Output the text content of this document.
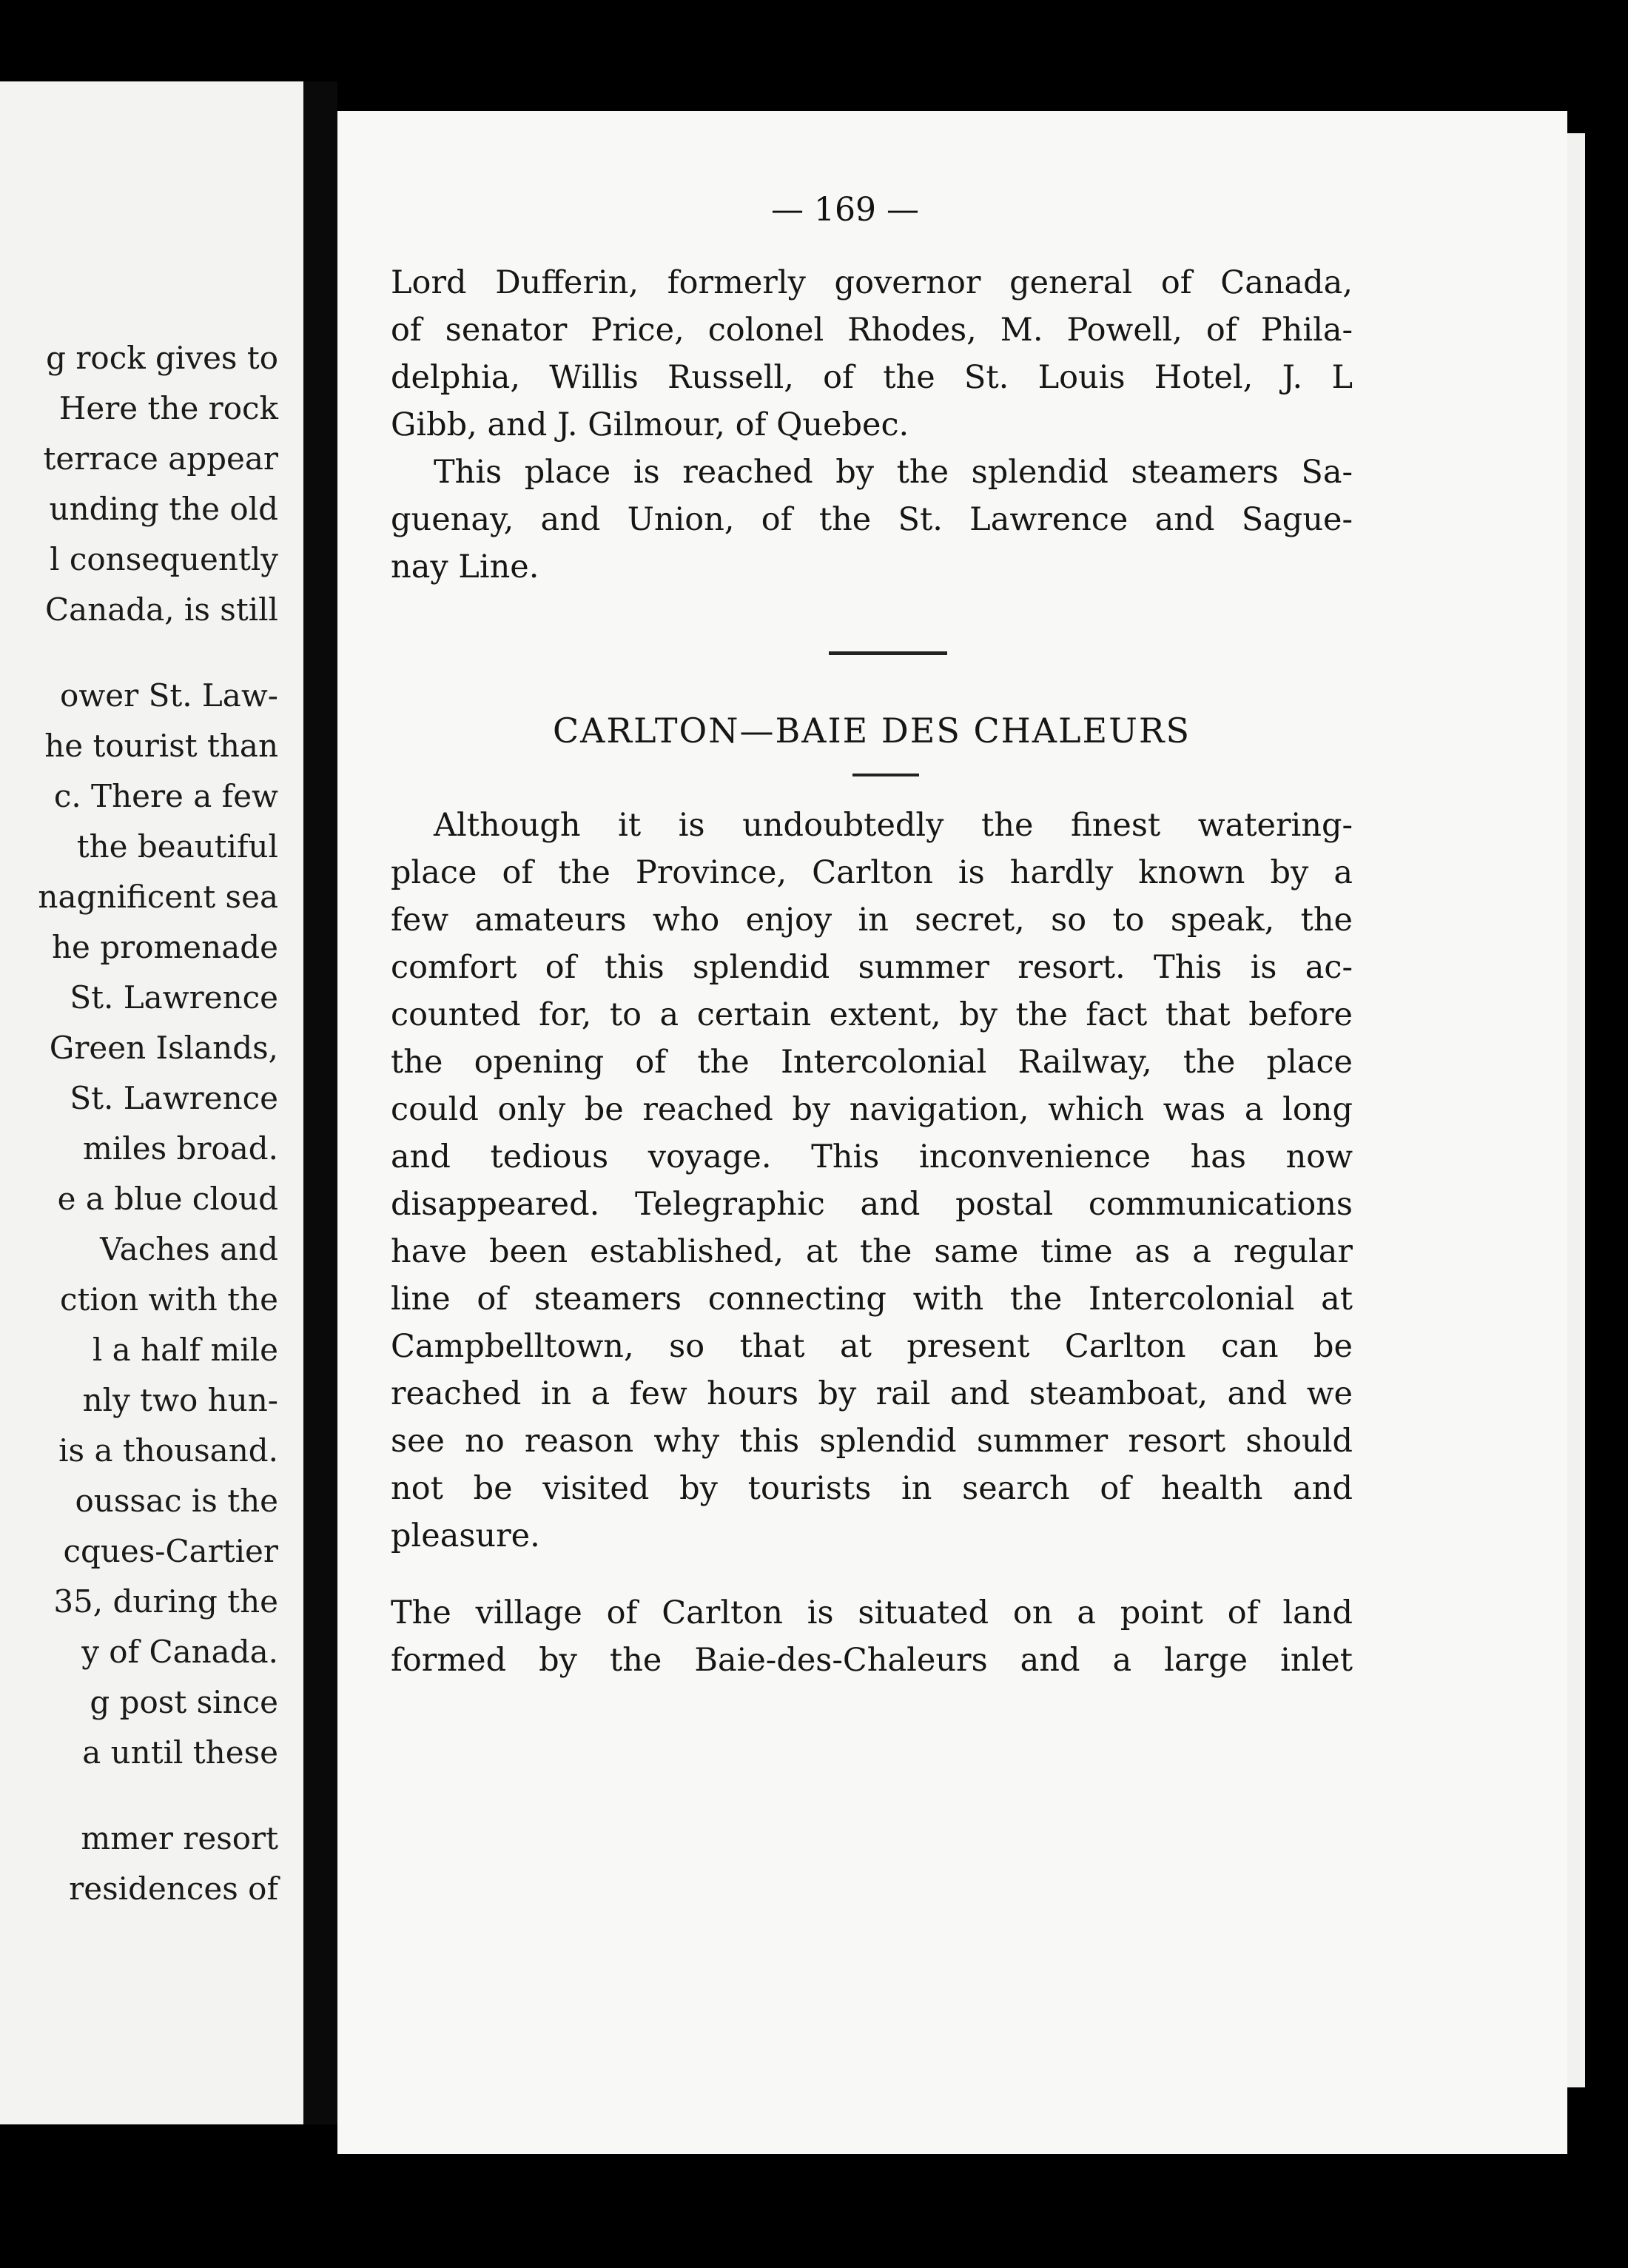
g rock gives to
Here the rock
terrace appear
unding the old
l consequently
Canada, is still
ower St. Law-
he tourist than
c. There a few
the beautiful
nagnificent sea
he promenade
St. Lawrence
Green Islands,
St. Lawrence
miles broad.
e a blue cloud
Vaches and
ction with the
l a half mile
nly two hun-
is a thousand.
oussac is the
cques-Cartier
35, during the
y of Canada.
g post since
a until these
mmer resort
residences of

— 169 —

Lord Dufferin, formerly governor general of Canada,
of senator Price, colonel Rhodes, M. Powell, of Phila-
delphia, Willis Russell, of the St. Louis Hotel, J. L
Gibb, and J. Gilmour, of Quebec.
This place is reached by the splendid steamers Sa-
guenay, and Union, of the St. Lawrence and Sague-
nay Line.
CARLTON—BAIE DES CHALEURS
Although it is undoubtedly the finest watering-
place of the Province, Carlton is hardly known by a
few amateurs who enjoy in secret, so to speak, the
comfort of this splendid summer resort. This is ac-
counted for, to a certain extent, by the fact that before
the opening of the Intercolonial Railway, the place
could only be reached by navigation, which was a long
and tedious voyage. This inconvenience has now
disappeared. Telegraphic and postal communications
have been established, at the same time as a regular
line of steamers connecting with the Intercolonial at
Campbelltown, so that at present Carlton can be
reached in a few hours by rail and steamboat, and we
see no reason why this splendid summer resort should
not be visited by tourists in search of health and
pleasure.
The village of Carlton is situated on a point of land
formed by the Baie-des-Chaleurs and a large inlet
